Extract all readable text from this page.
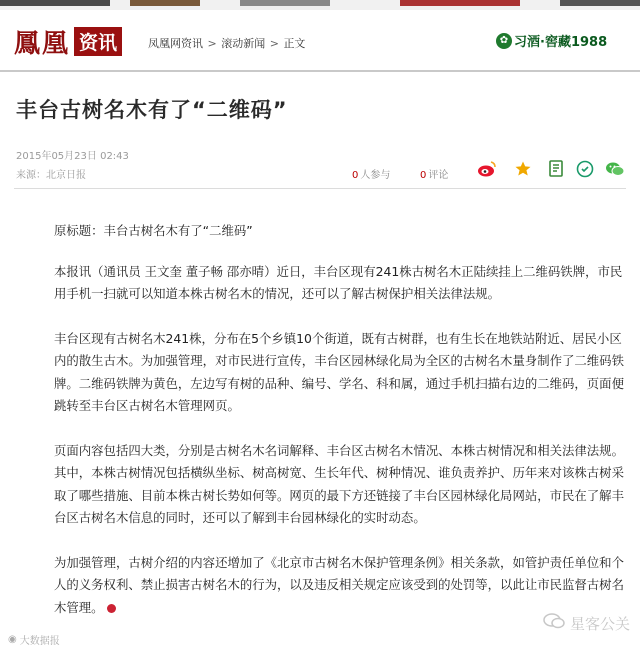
鳳凰 资讯	凤凰网资讯 > 滚动新闻 > 正文	✿ 习酒·窖藏1988
丰台古树名木有了“二维码”
2015年05月23日 02:43
来源：北京日报	0 人参与	0 评论

原标题：丰台古树名木有了“二维码”

本报讯（通讯员 王文奎 董子畅 邵亦晴）近日，丰台区现有241株古树名木正陆续挂上二维码铁牌，市民用手机一扫就可以知道本株古树名木的情况，还可以了解古树保护相关法律法规。

丰台区现有古树名木241株，分布在5个乡镇10个街道，既有古树群，也有生长在地铁站附近、居民小区内的散生古木。为加强管理，对市民进行宣传，丰台区园林绿化局为全区的古树名木量身制作了二维码铁牌。二维码铁牌为黄色，左边写有树的品种、编号、学名、科和属，通过手机扫描右边的二维码，页面便跳转至丰台区古树名木管理网页。

页面内容包括四大类，分别是古树名木名词解释、丰台区古树名木情况、本株古树情况和相关法律法规。其中，本株古树情况包括横纵坐标、树高树宽、生长年代、树种情况、谁负责养护、历年来对该株古树采取了哪些措施、目前本株古树长势如何等。网页的最下方还链接了丰台区园林绿化局网站，市民在了解丰台区古树名木信息的同时，还可以了解到丰台园林绿化的实时动态。

为加强管理，古树介绍的内容还增加了《北京市古树名木保护管理条例》相关条款，如管护责任单位和个人的义务权利、禁止损害古树名木的行为，以及违反相关规定应该受到的处罚等，以此让市民监督古树名木管理。

◉ 大数据报
星客公关
